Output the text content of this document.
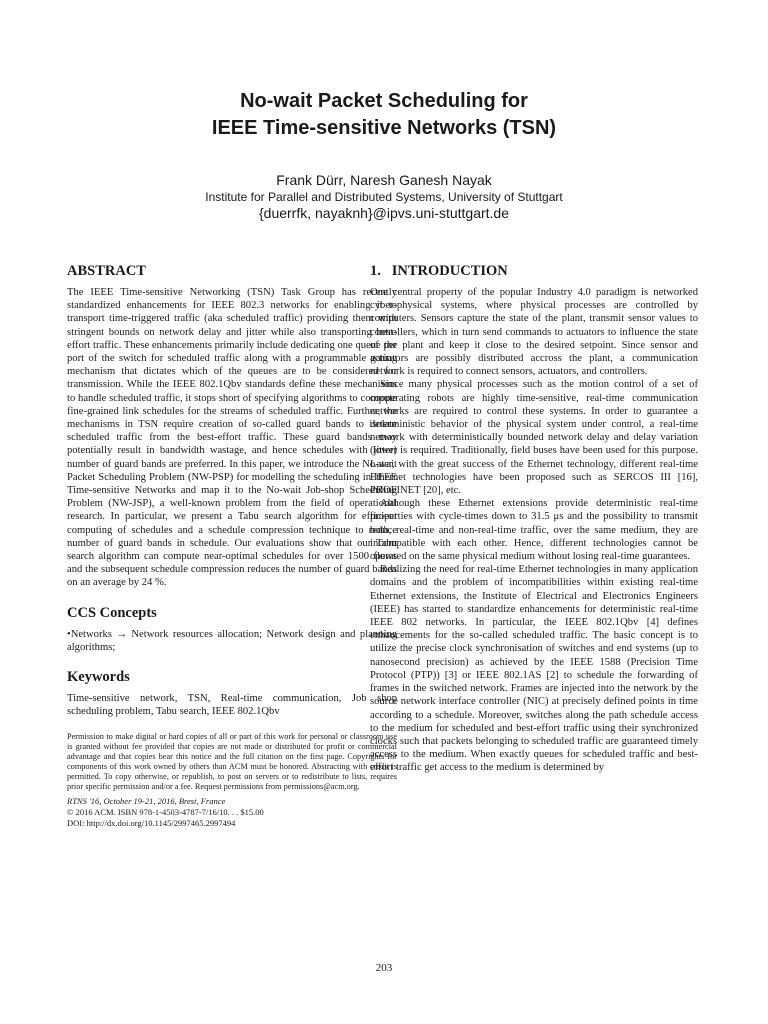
No-wait Packet Scheduling for
IEEE Time-sensitive Networks (TSN)
Frank Dürr, Naresh Ganesh Nayak
Institute for Parallel and Distributed Systems, University of Stuttgart
{duerrfk, nayaknh}@ipvs.uni-stuttgart.de
ABSTRACT

The IEEE Time-sensitive Networking (TSN) Task Group has recently standardized enhancements for IEEE 802.3 networks for enabling it to transport time-triggered traffic (aka scheduled traffic) providing them with stringent bounds on network delay and jitter while also transporting best-effort traffic. These enhancements primarily include dedicating one queue per port of the switch for scheduled traffic along with a programmable gating mechanism that dictates which of the queues are to be considered for transmission. While the IEEE 802.1Qbv standards define these mechanisms to handle scheduled traffic, it stops short of specifying algorithms to compute fine-grained link schedules for the streams of scheduled traffic. Further, the mechanisms in TSN require creation of so-called guard bands to isolate scheduled traffic from the best-effort traffic. These guard bands may potentially result in bandwidth wastage, and hence schedules with lower number of guard bands are preferred. In this paper, we introduce the No-wait Packet Scheduling Problem (NW-PSP) for modelling the scheduling in IEEE Time-sensitive Networks and map it to the No-wait Job-shop Scheduling Problem (NW-JSP), a well-known problem from the field of operational research. In particular, we present a Tabu search algorithm for efficient computing of schedules and a schedule compression technique to reduce number of guard bands in schedule. Our evaluations show that our Tabu search algorithm can compute near-optimal schedules for over 1500 flows and the subsequent schedule compression reduces the number of guard bands on an average by 24 %.

CCS Concepts

•Networks → Network resources allocation; Network design and planning algorithms;

Keywords

Time-sensitive network, TSN, Real-time communication, Job shop scheduling problem, Tabu search, IEEE 802.1Qbv

Permission to make digital or hard copies of all or part of this work for personal or classroom use is granted without fee provided that copies are not made or distributed for profit or commercial advantage and that copies bear this notice and the full citation on the first page. Copyrights for components of this work owned by others than ACM must be honored. Abstracting with credit is permitted. To copy otherwise, or republish, to post on servers or to redistribute to lists, requires prior specific permission and/or a fee. Request permissions from permissions@acm.org.
RTNS '16, October 19-21, 2016, Brest, France
© 2016 ACM. ISBN 978-1-4503-4787-7/16/10. . . $15.00
DOI: http://dx.doi.org/10.1145/2997465.2997494
1.   INTRODUCTION

One central property of the popular Industry 4.0 paradigm is networked cyber-physical systems, where physical processes are controlled by computers. Sensors capture the state of the plant, transmit sensor values to controllers, which in turn send commands to actuators to influence the state of the plant and keep it close to the desired setpoint. Since sensor and actuators are possibly distributed accross the plant, a communication network is required to connect sensors, actuators, and controllers.

Since many physical processes such as the motion control of a set of cooperating robots are highly time-sensitive, real-time communication networks are required to control these systems. In order to guarantee a deterministic behavior of the physical system under control, a real-time network with deterministically bounded network delay and delay variation (jitter) is required. Traditionally, field buses have been used for this purpose. Later, with the great success of the Ethernet technology, different real-time Ethernet technologies have been proposed such as SERCOS III [16], PROFINET [20], etc.

Although these Ethernet extensions provide deterministic real-time properties with cycle-times down to 31.5 μs and the possibility to transmit both, real-time and non-real-time traffic, over the same medium, they are incompatible with each other. Hence, different technologies cannot be operated on the same physical medium without losing real-time guarantees.

Realizing the need for real-time Ethernet technologies in many application domains and the problem of incompatibilities within existing real-time Ethernet extensions, the Institute of Electrical and Electronics Engineers (IEEE) has started to standardize enhancements for deterministic real-time IEEE 802 networks. In particular, the IEEE 802.1Qbv [4] defines enhancements for the so-called scheduled traffic. The basic concept is to utilize the precise clock synchronisation of switches and end systems (up to nanosecond precision) as achieved by the IEEE 1588 (Precision Time Protocol (PTP)) [3] or IEEE 802.1AS [2] to schedule the forwarding of frames in the switched network. Frames are injected into the network by the source network interface controller (NIC) at precisely defined points in time according to a schedule. Moreover, switches along the path schedule access to the medium for scheduled and best-effort traffic using their synchronized clocks such that packets belonging to scheduled traffic are guaranteed timely access to the medium. When exactly queues for scheduled traffic and best-effort traffic get access to the medium is determined by

203
